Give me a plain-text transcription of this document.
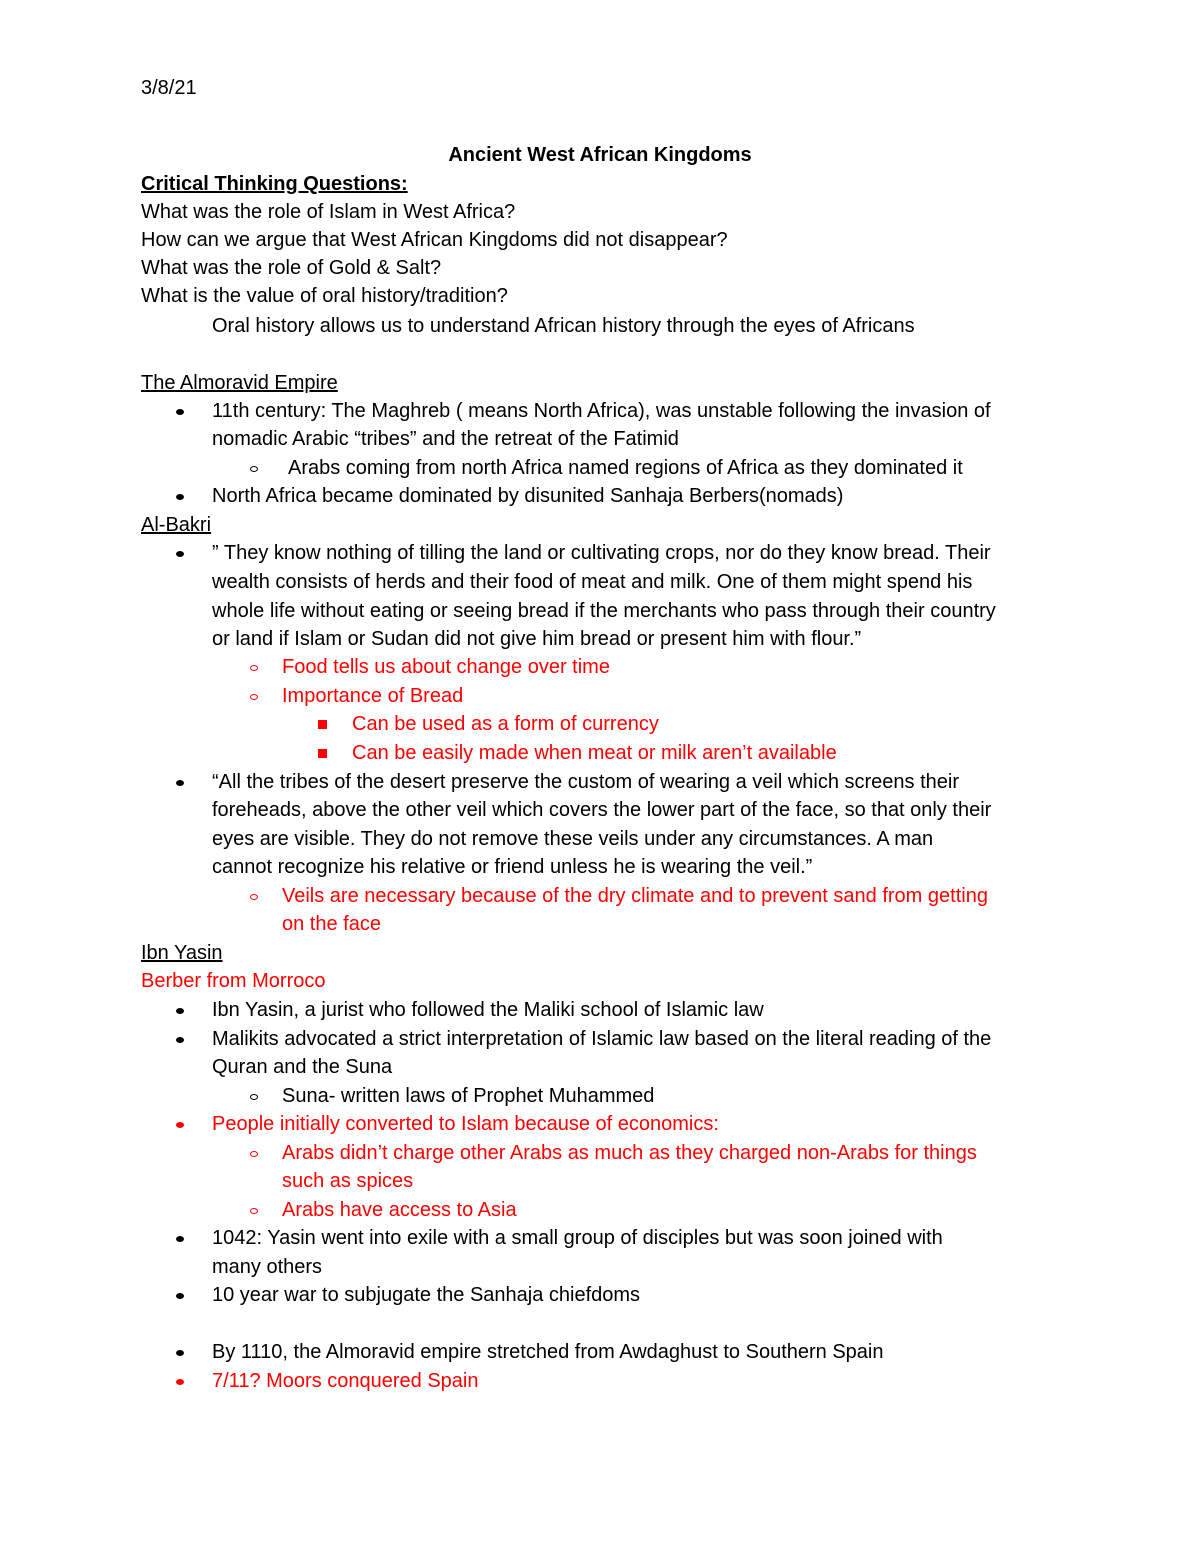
3/8/21
Ancient West African Kingdoms
Critical Thinking Questions:
What was the role of Islam in West Africa?
How can we argue that West African Kingdoms did not disappear?
What was the role of Gold & Salt?
What is the value of oral history/tradition?
Oral history allows us to understand African history through the eyes of Africans
The Almoravid Empire
11th century: The Maghreb ( means North Africa), was unstable following the invasion of
nomadic Arabic “tribes” and the retreat of the Fatimid
Arabs coming from north Africa named regions of Africa as they dominated it
North Africa became dominated by disunited Sanhaja Berbers(nomads)
Al-Bakri
” They know nothing of tilling the land or cultivating crops, nor do they know bread. Their
wealth consists of herds and their food of meat and milk. One of them might spend his
whole life without eating or seeing bread if the merchants who pass through their country
or land if Islam or Sudan did not give him bread or present him with flour.”
Food tells us about change over time
Importance of Bread
Can be used as a form of currency
Can be easily made when meat or milk aren’t available
“All the tribes of the desert preserve the custom of wearing a veil which screens their
foreheads, above the other veil which covers the lower part of the face, so that only their
eyes are visible. They do not remove these veils under any circumstances. A man
cannot recognize his relative or friend unless he is wearing the veil.”
Veils are necessary because of the dry climate and to prevent sand from getting
on the face
Ibn Yasin
Berber from Morroco
Ibn Yasin, a jurist who followed the Maliki school of Islamic law
Malikits advocated a strict interpretation of Islamic law based on the literal reading of the
Quran and the Suna
Suna- written laws of Prophet Muhammed
People initially converted to Islam because of economics:
Arabs didn’t charge other Arabs as much as they charged non-Arabs for things
such as spices
Arabs have access to Asia
1042: Yasin went into exile with a small group of disciples but was soon joined with
many others
10 year war to subjugate the Sanhaja chiefdoms
By 1110, the Almoravid empire stretched from Awdaghust to Southern Spain
7/11? Moors conquered Spain
